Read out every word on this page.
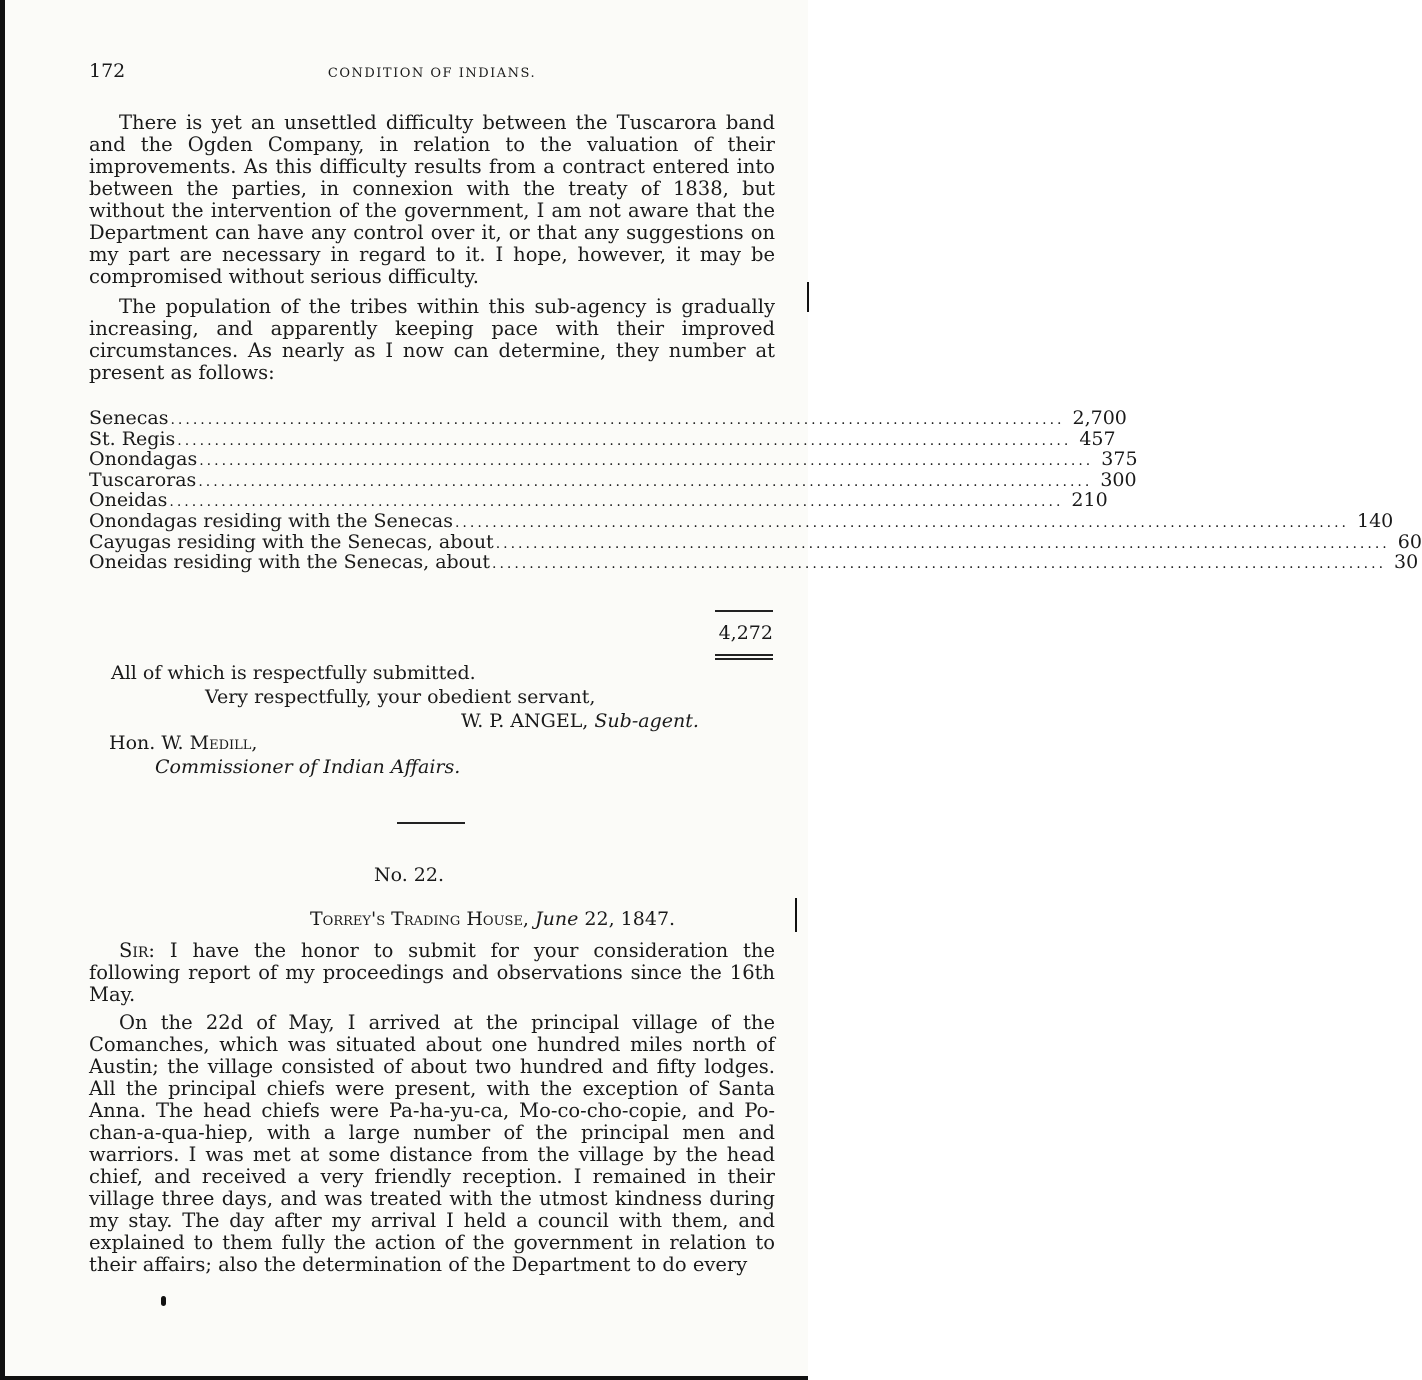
172	CONDITION OF INDIANS.

There is yet an unsettled difficulty between the Tuscarora band and the Ogden Company, in relation to the valuation of their improvements. As this difficulty results from a contract entered into between the parties, in connexion with the treaty of 1838, but without the intervention of the government, I am not aware that the Department can have any control over it, or that any suggestions on my part are necessary in regard to it. I hope, however, it may be compromised without serious difficulty.

The population of the tribes within this sub-agency is gradually increasing, and apparently keeping pace with their improved circumstances. As nearly as I now can determine, they number at present as follows:

Senecas ........................................................................................................................ 2,700
St. Regis ........................................................................................................................ 457
Onondagas ........................................................................................................................ 375
Tuscaroras ........................................................................................................................ 300
Oneidas ........................................................................................................................ 210
Onondagas residing with the Senecas ........................................................................................................................ 140
Cayugas residing with the Senecas, about ........................................................................................................................ 60
Oneidas residing with the Senecas, about ........................................................................................................................ 30
4,272
All of which is respectfully submitted.
Very respectfully, your obedient servant,
W. P. ANGEL, Sub-agent.
Hon. W. Medill,
Commissioner of Indian Affairs.
No. 22.
Torrey's Trading House, June 22, 1847.

Sir: I have the honor to submit for your consideration the following report of my proceedings and observations since the 16th May.

On the 22d of May, I arrived at the principal village of the Comanches, which was situated about one hundred miles north of Austin; the village consisted of about two hundred and fifty lodges. All the principal chiefs were present, with the exception of Santa Anna. The head chiefs were Pa-ha-yu-ca, Mo-co-cho-copie, and Po-chan-a-qua-hiep, with a large number of the principal men and warriors. I was met at some distance from the village by the head chief, and received a very friendly reception. I remained in their village three days, and was treated with the utmost kindness during my stay. The day after my arrival I held a council with them, and explained to them fully the action of the government in relation to their affairs; also the determination of the Department to do every
